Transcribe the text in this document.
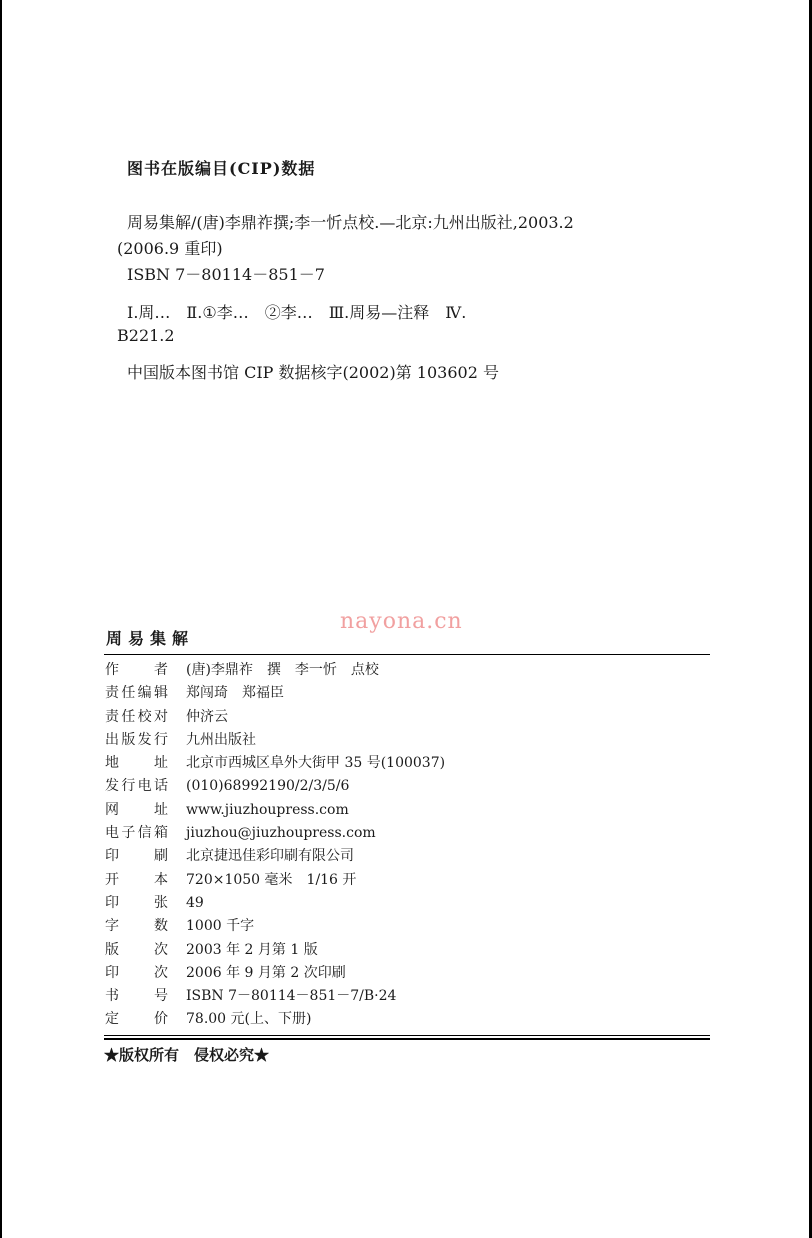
图书在版编目(CIP)数据
周易集解/(唐)李鼎祚撰;李一忻点校.—北京:九州出版社,2003.2
(2006.9 重印)
ISBN 7－80114－851－7
Ⅰ.周…　Ⅱ.①李…　②李…　Ⅲ.周易—注释　Ⅳ.
B221.2
中国版本图书馆 CIP 数据核字(2002)第 103602 号
nayona.cn
周易集解
作者 (唐)李鼎祚　撰　李一忻　点校
责任编辑 郑闯琦　郑福臣
责任校对 仲济云
出版发行 九州出版社
地址 北京市西城区阜外大街甲 35 号(100037)
发行电话 (010)68992190/2/3/5/6
网址 www.jiuzhoupress.com
电子信箱 jiuzhou@jiuzhoupress.com
印刷 北京捷迅佳彩印刷有限公司
开本 720×1050 毫米　1/16 开
印张 49
字数 1000 千字
版次 2003 年 2 月第 1 版
印次 2006 年 9 月第 2 次印刷
书号 ISBN 7－80114－851－7/B·24
定价 78.00 元(上、下册)
★版权所有　侵权必究★
